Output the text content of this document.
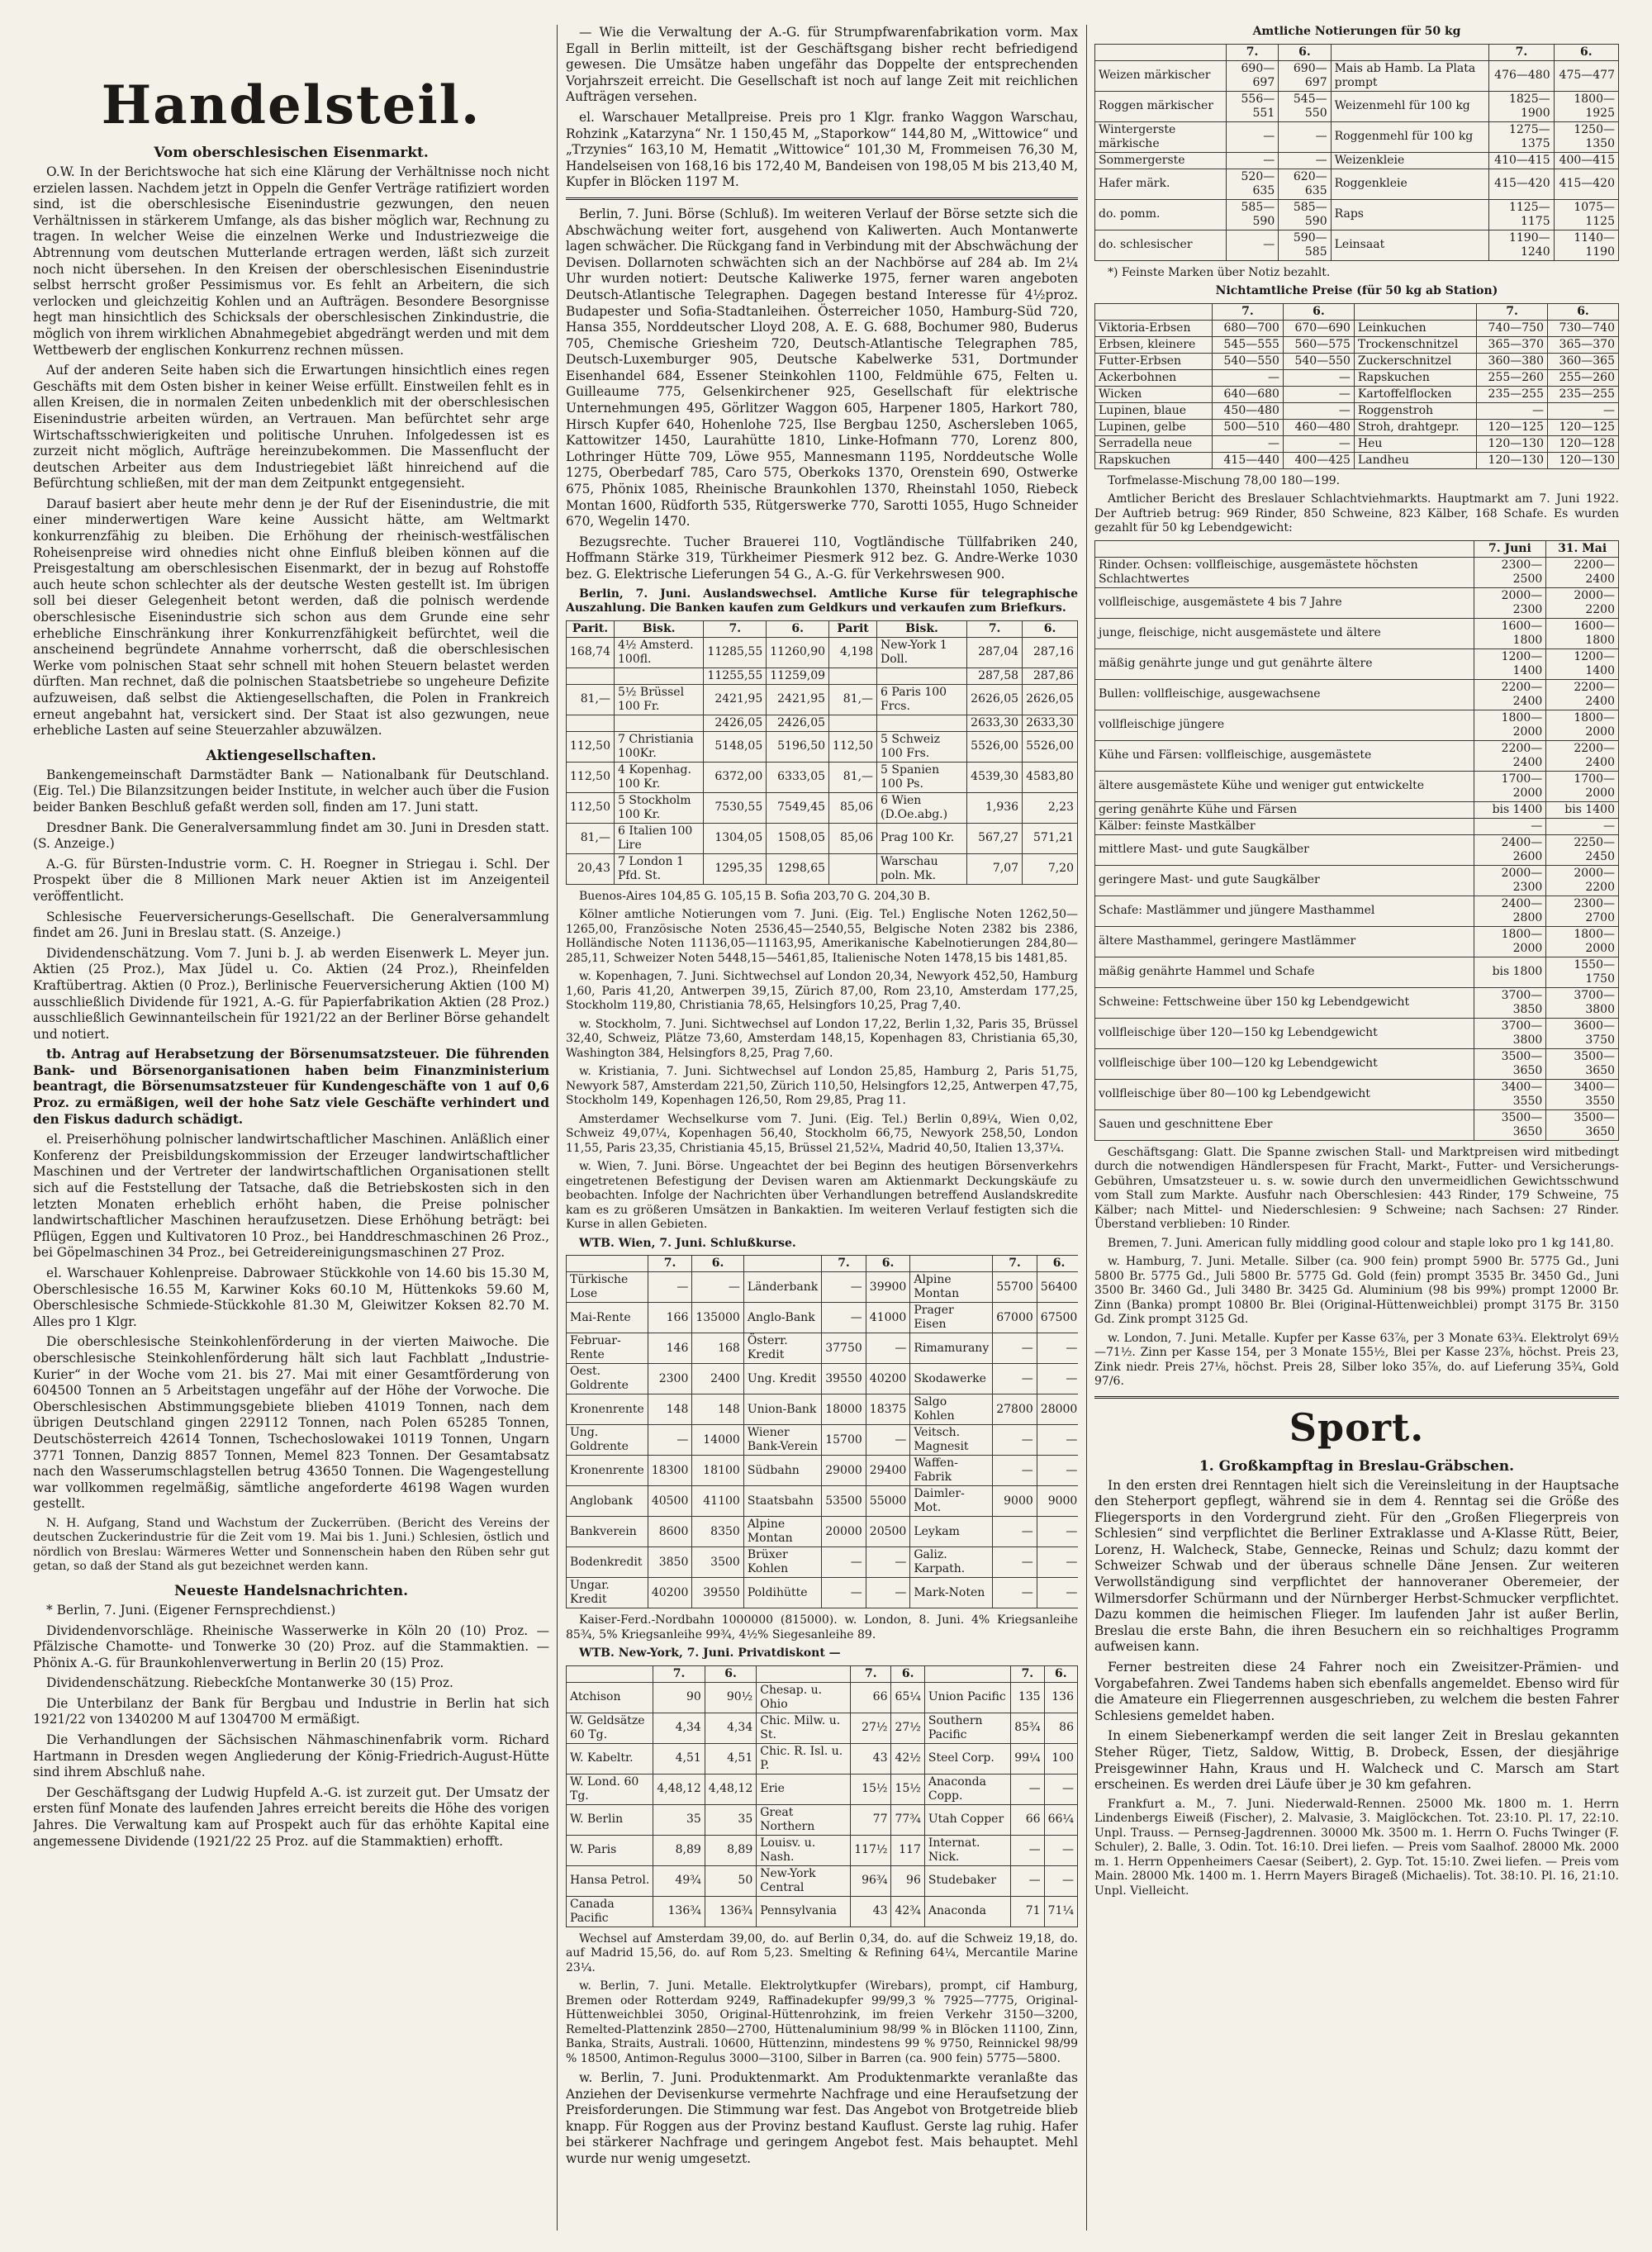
Handelsteil.
Vom oberschlesischen Eisenmarkt.

O.W. In der Berichtswoche hat sich eine Klärung der Verhältnisse noch nicht erzielen lassen. Nachdem jetzt in Oppeln die Genfer Verträge ratifiziert worden sind, ist die oberschlesische Eisenindustrie gezwungen, den neuen Verhältnissen in stärkerem Umfange, als das bisher möglich war, Rechnung zu tragen. In welcher Weise die einzelnen Werke und Industriezweige die Abtrennung vom deutschen Mutterlande ertragen werden, läßt sich zurzeit noch nicht übersehen. In den Kreisen der oberschlesischen Eisenindustrie selbst herrscht großer Pessimismus vor. Es fehlt an Arbeitern, die sich verlocken und gleichzeitig Kohlen und an Aufträgen. Besondere Besorgnisse hegt man hinsichtlich des Schicksals der oberschlesischen Zinkindustrie, die möglich von ihrem wirklichen Abnahmegebiet abgedrängt werden und mit dem Wettbewerb der englischen Konkurrenz rechnen müssen.

Auf der anderen Seite haben sich die Erwartungen hinsichtlich eines regen Geschäfts mit dem Osten bisher in keiner Weise erfüllt. Einstweilen fehlt es in allen Kreisen, die in normalen Zeiten unbedenklich mit der oberschlesischen Eisenindustrie arbeiten würden, an Vertrauen. Man befürchtet sehr arge Wirtschaftsschwierigkeiten und politische Unruhen. Infolgedessen ist es zurzeit nicht möglich, Aufträge hereinzubekommen. Die Massenflucht der deutschen Arbeiter aus dem Industriegebiet läßt hinreichend auf die Befürchtung schließen, mit der man dem Zeitpunkt entgegensieht.

Darauf basiert aber heute mehr denn je der Ruf der Eisenindustrie, die mit einer minderwertigen Ware keine Aussicht hätte, am Weltmarkt konkurrenzfähig zu bleiben. Die Erhöhung der rheinisch-westfälischen Roheisenpreise wird ohnedies nicht ohne Einfluß bleiben können auf die Preisgestaltung am oberschlesischen Eisenmarkt, der in bezug auf Rohstoffe auch heute schon schlechter als der deutsche Westen gestellt ist. Im übrigen soll bei dieser Gelegenheit betont werden, daß die polnisch werdende oberschlesische Eisenindustrie sich schon aus dem Grunde eine sehr erhebliche Einschränkung ihrer Konkurrenzfähigkeit befürchtet, weil die anscheinend begründete Annahme vorherrscht, daß die oberschlesischen Werke vom polnischen Staat sehr schnell mit hohen Steuern belastet werden dürften. Man rechnet, daß die polnischen Staatsbetriebe so ungeheure Defizite aufzuweisen, daß selbst die Aktiengesellschaften, die Polen in Frankreich erneut angebahnt hat, versickert sind. Der Staat ist also gezwungen, neue erhebliche Lasten auf seine Steuerzahler abzuwälzen.

Aktiengesellschaften.

Bankengemeinschaft Darmstädter Bank — Nationalbank für Deutschland. (Eig. Tel.) Die Bilanzsitzungen beider Institute, in welcher auch über die Fusion beider Banken Beschluß gefaßt werden soll, finden am 17. Juni statt.

Dresdner Bank. Die Generalversammlung findet am 30. Juni in Dresden statt. (S. Anzeige.)

A.-G. für Bürsten-Industrie vorm. C. H. Roegner in Striegau i. Schl. Der Prospekt über die 8 Millionen Mark neuer Aktien ist im Anzeigenteil veröffentlicht.

Schlesische Feuerversicherungs-Gesellschaft. Die Generalversammlung findet am 26. Juni in Breslau statt. (S. Anzeige.)

Dividendenschätzung. Vom 7. Juni b. J. ab werden Eisenwerk L. Meyer jun. Aktien (25 Proz.), Max Jüdel u. Co. Aktien (24 Proz.), Rheinfelden Kraftübertrag. Aktien (0 Proz.), Berlinische Feuerversicherung Aktien (100 M) ausschließlich Dividende für 1921, A.-G. für Papierfabrikation Aktien (28 Proz.) ausschließlich Gewinnanteilschein für 1921/22 an der Berliner Börse gehandelt und notiert.

tb. Antrag auf Herabsetzung der Börsenumsatzsteuer. Die führenden Bank- und Börsenorganisationen haben beim Finanzministerium beantragt, die Börsenumsatzsteuer für Kundengeschäfte von 1 auf 0,6 Proz. zu ermäßigen, weil der hohe Satz viele Geschäfte verhindert und den Fiskus dadurch schädigt.

el. Preiserhöhung polnischer landwirtschaftlicher Maschinen. Anläßlich einer Konferenz der Preisbildungskommission der Erzeuger landwirtschaftlicher Maschinen und der Vertreter der landwirtschaftlichen Organisationen stellt sich auf die Feststellung der Tatsache, daß die Betriebskosten sich in den letzten Monaten erheblich erhöht haben, die Preise polnischer landwirtschaftlicher Maschinen heraufzusetzen. Diese Erhöhung beträgt: bei Pflügen, Eggen und Kultivatoren 10 Proz., bei Handdreschmaschinen 26 Proz., bei Göpelmaschinen 34 Proz., bei Getreidereinigungsmaschinen 27 Proz.

el. Warschauer Kohlenpreise. Dabrowaer Stückkohle von 14.60 bis 15.30 M, Oberschlesische 16.55 M, Karwiner Koks 60.10 M, Hüttenkoks 59.60 M, Oberschlesische Schmiede-Stückkohle 81.30 M, Gleiwitzer Koksen 82.70 M. Alles pro 1 Klgr.

Die oberschlesische Steinkohlenförderung in der vierten Maiwoche. Die oberschlesische Steinkohlenförderung hält sich laut Fachblatt „Industrie-Kurier“ in der Woche vom 21. bis 27. Mai mit einer Gesamtförderung von 604500 Tonnen an 5 Arbeitstagen ungefähr auf der Höhe der Vorwoche. Die Oberschlesischen Abstimmungsgebiete blieben 41019 Tonnen, nach dem übrigen Deutschland gingen 229112 Tonnen, nach Polen 65285 Tonnen, Deutschösterreich 42614 Tonnen, Tschechoslowakei 10119 Tonnen, Ungarn 3771 Tonnen, Danzig 8857 Tonnen, Memel 823 Tonnen. Der Gesamtabsatz nach den Wasserumschlagstellen betrug 43650 Tonnen. Die Wagengestellung war vollkommen regelmäßig, sämtliche angeforderte 46198 Wagen wurden gestellt.

N. H. Aufgang, Stand und Wachstum der Zuckerrüben. (Bericht des Vereins der deutschen Zuckerindustrie für die Zeit vom 19. Mai bis 1. Juni.) Schlesien, östlich und nördlich von Breslau: Wärmeres Wetter und Sonnenschein haben den Rüben sehr gut getan, so daß der Stand als gut bezeichnet werden kann.

Neueste Handelsnachrichten.

* Berlin, 7. Juni. (Eigener Fernsprechdienst.)

Dividendenvorschläge. Rheinische Wasserwerke in Köln 20 (10) Proz. — Pfälzische Chamotte- und Tonwerke 30 (20) Proz. auf die Stammaktien. — Phönix A.-G. für Braunkohlenverwertung in Berlin 20 (15) Proz.

Dividendenschätzung. Riebeckſche Montanwerke 30 (15) Proz.

Die Unterbilanz der Bank für Bergbau und Industrie in Berlin hat sich 1921/22 von 1340200 M auf 1304700 M ermäßigt.

Die Verhandlungen der Sächsischen Nähmaschinenfabrik vorm. Richard Hartmann in Dresden wegen Angliederung der König-Friedrich-August-Hütte sind ihrem Abschluß nahe.

Der Geschäftsgang der Ludwig Hupfeld A.-G. ist zurzeit gut. Der Umsatz der ersten fünf Monate des laufenden Jahres erreicht bereits die Höhe des vorigen Jahres. Die Verwaltung kam auf Prospekt auch für das erhöhte Kapital eine angemessene Dividende (1921/22 25 Proz. auf die Stammaktien) erhofft.

— Wie die Verwaltung der A.-G. für Strumpfwarenfabrikation vorm. Max Egall in Berlin mitteilt, ist der Geschäftsgang bisher recht befriedigend gewesen. Die Umsätze haben ungefähr das Doppelte der entsprechenden Vorjahrszeit erreicht. Die Gesellschaft ist noch auf lange Zeit mit reichlichen Aufträgen versehen.

el. Warschauer Metallpreise. Preis pro 1 Klgr. franko Waggon Warschau, Rohzink „Katarzyna“ Nr. 1 150,45 M, „Staporkow“ 144,80 M, „Wittowice“ und „Trzynies“ 163,10 M, Hematit „Wittowice“ 101,30 M, Frommeisen 76,30 M, Handelseisen von 168,16 bis 172,40 M, Bandeisen von 198,05 M bis 213,40 M, Kupfer in Blöcken 1197 M.

Berlin, 7. Juni. Börse (Schluß). Im weiteren Verlauf der Börse setzte sich die Abschwächung weiter fort, ausgehend von Kaliwerten. Auch Montanwerte lagen schwächer. Die Rückgang fand in Verbindung mit der Abschwächung der Devisen. Dollarnoten schwächten sich an der Nachbörse auf 284 ab. Im 2¼ Uhr wurden notiert: Deutsche Kaliwerke 1975, ferner waren angeboten Deutsch-Atlantische Telegraphen. Dagegen bestand Interesse für 4½proz. Budapester und Sofia-Stadtanleihen. Österreicher 1050, Hamburg-Süd 720, Hansa 355, Norddeutscher Lloyd 208, A. E. G. 688, Bochumer 980, Buderus 705, Chemische Griesheim 720, Deutsch-Atlantische Telegraphen 785, Deutsch-Luxemburger 905, Deutsche Kabelwerke 531, Dortmunder Eisenhandel 684, Essener Steinkohlen 1100, Feldmühle 675, Felten u. Guilleaume 775, Gelsenkirchener 925, Gesellschaft für elektrische Unternehmungen 495, Görlitzer Waggon 605, Harpener 1805, Harkort 780, Hirsch Kupfer 640, Hohenlohe 725, Ilse Bergbau 1250, Aschersleben 1065, Kattowitzer 1450, Laurahütte 1810, Linke-Hofmann 770, Lorenz 800, Lothringer Hütte 709, Löwe 955, Mannesmann 1195, Norddeutsche Wolle 1275, Oberbedarf 785, Caro 575, Oberkoks 1370, Orenstein 690, Ostwerke 675, Phönix 1085, Rheinische Braunkohlen 1370, Rheinstahl 1050, Riebeck Montan 1600, Rüdforth 535, Rütgerswerke 770, Sarotti 1055, Hugo Schneider 670, Wegelin 1470.

Bezugsrechte. Tucher Brauerei 110, Vogtländische Tüllfabriken 240, Hoffmann Stärke 319, Türkheimer Piesmerk 912 bez. G. Andre-Werke 1030 bez. G. Elektrische Lieferungen 54 G., A.-G. für Verkehrswesen 900.

Berlin, 7. Juni. Auslandswechsel. Amtliche Kurse für telegraphische Auszahlung. Die Banken kaufen zum Geldkurs und verkaufen zum Briefkurs.

Parit.	Bisk.	7.	6.	Parit	Bisk.	7.	6.
168,74	4½ Amsterd. 100fl.	11285,55	11260,90	4,198	New-York 1 Doll.	287,04	287,16
		11255,55	11259,09			287,58	287,86
81,—	5½ Brüssel 100 Fr.	2421,95	2421,95	81,—	6 Paris 100 Frcs.	2626,05	2626,05
		2426,05	2426,05			2633,30	2633,30
112,50	7 Christiania 100Kr.	5148,05	5196,50	112,50	5 Schweiz 100 Frs.	5526,00	5526,00
112,50	4 Kopenhag. 100 Kr.	6372,00	6333,05	81,—	5 Spanien 100 Ps.	4539,30	4583,80
112,50	5 Stockholm 100 Kr.	7530,55	7549,45	85,06	6 Wien (D.Oe.abg.)	1,936	2,23
81,—	6 Italien 100 Lire	1304,05	1508,05	85,06	Prag 100 Kr.	567,27	571,21
20,43	7 London 1 Pfd. St.	1295,35	1298,65		Warschau poln. Mk.	7,07	7,20

Buenos-Aires 104,85 G. 105,15 B. Sofia 203,70 G. 204,30 B.

Kölner amtliche Notierungen vom 7. Juni. (Eig. Tel.) Englische Noten 1262,50—1265,00, Französische Noten 2536,45—2540,55, Belgische Noten 2382 bis 2386, Holländische Noten 11136,05—11163,95, Amerikanische Kabelnotierungen 284,80—285,11, Schweizer Noten 5448,15—5461,85, Italienische Noten 1478,15 bis 1481,85.

w. Kopenhagen, 7. Juni. Sichtwechsel auf London 20,34, Newyork 452,50, Hamburg 1,60, Paris 41,20, Antwerpen 39,15, Zürich 87,00, Rom 23,10, Amsterdam 177,25, Stockholm 119,80, Christiania 78,65, Helsingfors 10,25, Prag 7,40.

w. Stockholm, 7. Juni. Sichtwechsel auf London 17,22, Berlin 1,32, Paris 35, Brüssel 32,40, Schweiz, Plätze 73,60, Amsterdam 148,15, Kopenhagen 83, Christiania 65,30, Washington 384, Helsingfors 8,25, Prag 7,60.

w. Kristiania, 7. Juni. Sichtwechsel auf London 25,85, Hamburg 2, Paris 51,75, Newyork 587, Amsterdam 221,50, Zürich 110,50, Helsingfors 12,25, Antwerpen 47,75, Stockholm 149, Kopenhagen 126,50, Rom 29,85, Prag 11.

Amsterdamer Wechselkurse vom 7. Juni. (Eig. Tel.) Berlin 0,89¼, Wien 0,02, Schweiz 49,07¼, Kopenhagen 56,40, Stockholm 66,75, Newyork 258,50, London 11,55, Paris 23,35, Christiania 45,15, Brüssel 21,52¼, Madrid 40,50, Italien 13,37¼.

w. Wien, 7. Juni. Börse. Ungeachtet der bei Beginn des heutigen Börsenverkehrs eingetretenen Befestigung der Devisen waren am Aktienmarkt Deckungskäufe zu beobachten. Infolge der Nachrichten über Verhandlungen betreffend Auslandskredite kam es zu größeren Umsätzen in Bankaktien. Im weiteren Verlauf festigten sich die Kurse in allen Gebieten.

WTB. Wien, 7. Juni. Schlußkurse.

	7.	6.		7.	6.		7.	6.
Türkische Lose	—	—	Länderbank	—	39900	Alpine Montan	55700	56400
Mai-Rente	166	135000	Anglo-Bank	—	41000	Prager Eisen	67000	67500
Februar-Rente	146	168	Österr. Kredit	37750	—	Rimamurany	—	—
Oest. Goldrente	2300	2400	Ung. Kredit	39550	40200	Skodawerke	—	—
Kronenrente	148	148	Union-Bank	18000	18375	Salgo Kohlen	27800	28000
Ung. Goldrente	—	14000	Wiener Bank-Verein	15700	—	Veitsch. Magnesit	—	—
Kronenrente	18300	18100	Südbahn	29000	29400	Waffen-Fabrik	—	—
Anglobank	40500	41100	Staatsbahn	53500	55000	Daimler-Mot.	9000	9000
Bankverein	8600	8350	Alpine Montan	20000	20500	Leykam	—	—
Bodenkredit	3850	3500	Brüxer Kohlen	—	—	Galiz. Karpath.	—	—
Ungar. Kredit	40200	39550	Poldihütte	—	—	Mark-Noten	—	—

Kaiser-Ferd.-Nordbahn 1000000 (815000). w. London, 8. Juni. 4% Kriegsanleihe 85¾, 5% Kriegsanleihe 99¾, 4½% Siegesanleihe 89.

WTB. New-York, 7. Juni. Privatdiskont —

	7.	6.		7.	6.		7.	6.
Atchison	90	90½	Chesap. u. Ohio	66	65¼	Union Pacific	135	136
W. Geldsätze 60 Tg.	4,34	4,34	Chic. Milw. u. St.	27½	27½	Southern Pacific	85¾	86
W. Kabeltr.	4,51	4,51	Chic. R. Isl. u. P.	43	42½	Steel Corp.	99¼	100
W. Lond. 60 Tg.	4,48,12	4,48,12	Erie	15½	15½	Anaconda Copp.	—	—
W. Berlin	35	35	Great Northern	77	77¾	Utah Copper	66	66¼
W. Paris	8,89	8,89	Louisv. u. Nash.	117½	117	Internat. Nick.	—	—
Hansa Petrol.	49¾	50	New-York Central	96¾	96	Studebaker	—	—
Canada Pacific	136¾	136¾	Pennsylvania	43	42¾	Anaconda	71	71¼

Wechsel auf Amsterdam 39,00, do. auf Berlin 0,34, do. auf die Schweiz 19,18, do. auf Madrid 15,56, do. auf Rom 5,23. Smelting & Refining 64¼, Mercantile Marine 23¼.

w. Berlin, 7. Juni. Metalle. Elektrolytkupfer (Wirebars), prompt, cif Hamburg, Bremen oder Rotterdam 9249, Raffinadekupfer 99/99,3 % 7925—7775, Original-Hüttenweichblei 3050, Original-Hüttenrohzink, im freien Verkehr 3150—3200, Remelted-Plattenzink 2850—2700, Hüttenaluminium 98/99 % in Blöcken 11100, Zinn, Banka, Straits, Australi. 10600, Hüttenzinn, mindestens 99 % 9750, Reinnickel 98/99 % 18500, Antimon-Regulus 3000—3100, Silber in Barren (ca. 900 fein) 5775—5800.

w. Berlin, 7. Juni. Produktenmarkt. Am Produktenmarkte veranlaßte das Anziehen der Devisenkurse vermehrte Nachfrage und eine Heraufsetzung der Preisforderungen. Die Stimmung war fest. Das Angebot von Brotgetreide blieb knapp. Für Roggen aus der Provinz bestand Kauflust. Gerste lag ruhig. Hafer bei stärkerer Nachfrage und geringem Angebot fest. Mais behauptet. Mehl wurde nur wenig umgesetzt.

Amtliche Notierungen für 50 kg

	7.	6.		7.	6.
Weizen märkischer	690—697	690—697	Mais ab Hamb. La Plata prompt	476—480	475—477
Roggen märkischer	556—551	545—550	Weizenmehl für 100 kg	1825—1900	1800—1925
Wintergerste märkische	—	—	Roggenmehl für 100 kg	1275—1375	1250—1350
Sommergerste	—	—	Weizenkleie	410—415	400—415
Hafer märk.	520—635	620—635	Roggenkleie	415—420	415—420
do. pomm.	585—590	585—590	Raps	1125—1175	1075—1125
do. schlesischer	—	590—585	Leinsaat	1190—1240	1140—1190

*) Feinste Marken über Notiz bezahlt.

Nichtamtliche Preise (für 50 kg ab Station)

	7.	6.		7.	6.
Viktoria-Erbsen	680—700	670—690	Leinkuchen	740—750	730—740
Erbsen, kleinere	545—555	560—575	Trockenschnitzel	365—370	365—370
Futter-Erbsen	540—550	540—550	Zuckerschnitzel	360—380	360—365
Ackerbohnen	—	—	Rapskuchen	255—260	255—260
Wicken	640—680	—	Kartoffelflocken	235—255	235—255
Lupinen, blaue	450—480	—	Roggenstroh	—	—
Lupinen, gelbe	500—510	460—480	Stroh, drahtgepr.	120—125	120—125
Serradella neue	—	—	Heu	120—130	120—128
Rapskuchen	415—440	400—425	Landheu	120—130	120—130

Torfmelasse-Mischung 78,00 180—199.

Amtlicher Bericht des Breslauer Schlachtviehmarkts. Hauptmarkt am 7. Juni 1922. Der Auftrieb betrug: 969 Rinder, 850 Schweine, 823 Kälber, 168 Schafe. Es wurden gezahlt für 50 kg Lebendgewicht:

	7. Juni	31. Mai
Rinder. Ochsen: vollfleischige, ausgemästete höchsten Schlachtwertes	2300—2500	2200—2400
vollfleischige, ausgemästete 4 bis 7 Jahre	2000—2300	2000—2200
junge, fleischige, nicht ausgemästete und ältere	1600—1800	1600—1800
mäßig genährte junge und gut genährte ältere	1200—1400	1200—1400
Bullen: vollfleischige, ausgewachsene	2200—2400	2200—2400
vollfleischige jüngere	1800—2000	1800—2000
Kühe und Färsen: vollfleischige, ausgemästete	2200—2400	2200—2400
ältere ausgemästete Kühe und weniger gut entwickelte	1700—2000	1700—2000
gering genährte Kühe und Färsen	bis 1400	bis 1400
Kälber: feinste Mastkälber	—	—
mittlere Mast- und gute Saugkälber	2400—2600	2250—2450
geringere Mast- und gute Saugkälber	2000—2300	2000—2200
Schafe: Mastlämmer und jüngere Masthammel	2400—2800	2300—2700
ältere Masthammel, geringere Mastlämmer	1800—2000	1800—2000
mäßig genährte Hammel und Schafe	bis 1800	1550—1750
Schweine: Fettschweine über 150 kg Lebendgewicht	3700—3850	3700—3800
vollfleischige über 120—150 kg Lebendgewicht	3700—3800	3600—3750
vollfleischige über 100—120 kg Lebendgewicht	3500—3650	3500—3650
vollfleischige über 80—100 kg Lebendgewicht	3400—3550	3400—3550
Sauen und geschnittene Eber	3500—3650	3500—3650

Geschäftsgang: Glatt. Die Spanne zwischen Stall- und Marktpreisen wird mitbedingt durch die notwendigen Händlerspesen für Fracht, Markt-, Futter- und Versicherungs-Gebühren, Umsatzsteuer u. s. w. sowie durch den unvermeidlichen Gewichtsschwund vom Stall zum Markte. Ausfuhr nach Oberschlesien: 443 Rinder, 179 Schweine, 75 Kälber; nach Mittel- und Niederschlesien: 9 Schweine; nach Sachsen: 27 Rinder. Überstand verblieben: 10 Rinder.

Bremen, 7. Juni. American fully middling good colour and staple loko pro 1 kg 141,80.

w. Hamburg, 7. Juni. Metalle. Silber (ca. 900 fein) prompt 5900 Br. 5775 Gd., Juni 5800 Br. 5775 Gd., Juli 5800 Br. 5775 Gd. Gold (fein) prompt 3535 Br. 3450 Gd., Juni 3500 Br. 3460 Gd., Juli 3480 Br. 3425 Gd. Aluminium (98 bis 99%) prompt 12000 Br. Zinn (Banka) prompt 10800 Br. Blei (Original-Hüttenweichblei) prompt 3175 Br. 3150 Gd. Zink prompt 3125 Gd.

w. London, 7. Juni. Metalle. Kupfer per Kasse 63⅞, per 3 Monate 63¾. Elektrolyt 69½—71½. Zinn per Kasse 154, per 3 Monate 155½, Blei per Kasse 23⅞, höchst. Preis 23, Zink niedr. Preis 27⅛, höchst. Preis 28, Silber loko 35⅞, do. auf Lieferung 35¾, Gold 97/6.

Sport.
1. Großkampftag in Breslau-Gräbschen.

In den ersten drei Renntagen hielt sich die Vereinsleitung in der Hauptsache den Steherport gepflegt, während sie in dem 4. Renntag sei die Größe des Fliegersports in den Vordergrund zieht. Für den „Großen Fliegerpreis von Schlesien“ sind verpflichtet die Berliner Extraklasse und A-Klasse Rütt, Beier, Lorenz, H. Walcheck, Stabe, Gennecke, Reinas und Schulz; dazu kommt der Schweizer Schwab und der überaus schnelle Däne Jensen. Zur weiteren Verwollständigung sind verpflichtet der hannoveraner Oberemeier, der Wilmersdorfer Schürmann und der Nürnberger Herbst-Schmucker verpflichtet. Dazu kommen die heimischen Flieger. Im laufenden Jahr ist außer Berlin, Breslau die erste Bahn, die ihren Besuchern ein so reichhaltiges Programm aufweisen kann.

Ferner bestreiten diese 24 Fahrer noch ein Zweisitzer-Prämien- und Vorgabefahren. Zwei Tandems haben sich ebenfalls angemeldet. Ebenso wird für die Amateure ein Fliegerrennen ausgeschrieben, zu welchem die besten Fahrer Schlesiens gemeldet haben.

In einem Siebenerkampf werden die seit langer Zeit in Breslau gekannten Steher Rüger, Tietz, Saldow, Wittig, B. Drobeck, Essen, der diesjährige Preisgewinner Hahn, Kraus und H. Walcheck und C. Marsch am Start erscheinen. Es werden drei Läufe über je 30 km gefahren.

Frankfurt a. M., 7. Juni. Niederwald-Rennen. 25000 Mk. 1800 m. 1. Herrn Lindenbergs Eiweiß (Fischer), 2. Malvasie, 3. Maiglöckchen. Tot. 23:10. Pl. 17, 22:10. Unpl. Trauss. — Pernseg-Jagdrennen. 30000 Mk. 3500 m. 1. Herrn O. Fuchs Twinger (F. Schuler), 2. Balle, 3. Odin. Tot. 16:10. Drei liefen. — Preis vom Saalhof. 28000 Mk. 2000 m. 1. Herrn Oppenheimers Caesar (Seibert), 2. Gyp. Tot. 15:10. Zwei liefen. — Preis vom Main. 28000 Mk. 1400 m. 1. Herrn Mayers Birageß (Michaelis). Tot. 38:10. Pl. 16, 21:10. Unpl. Vielleicht.
